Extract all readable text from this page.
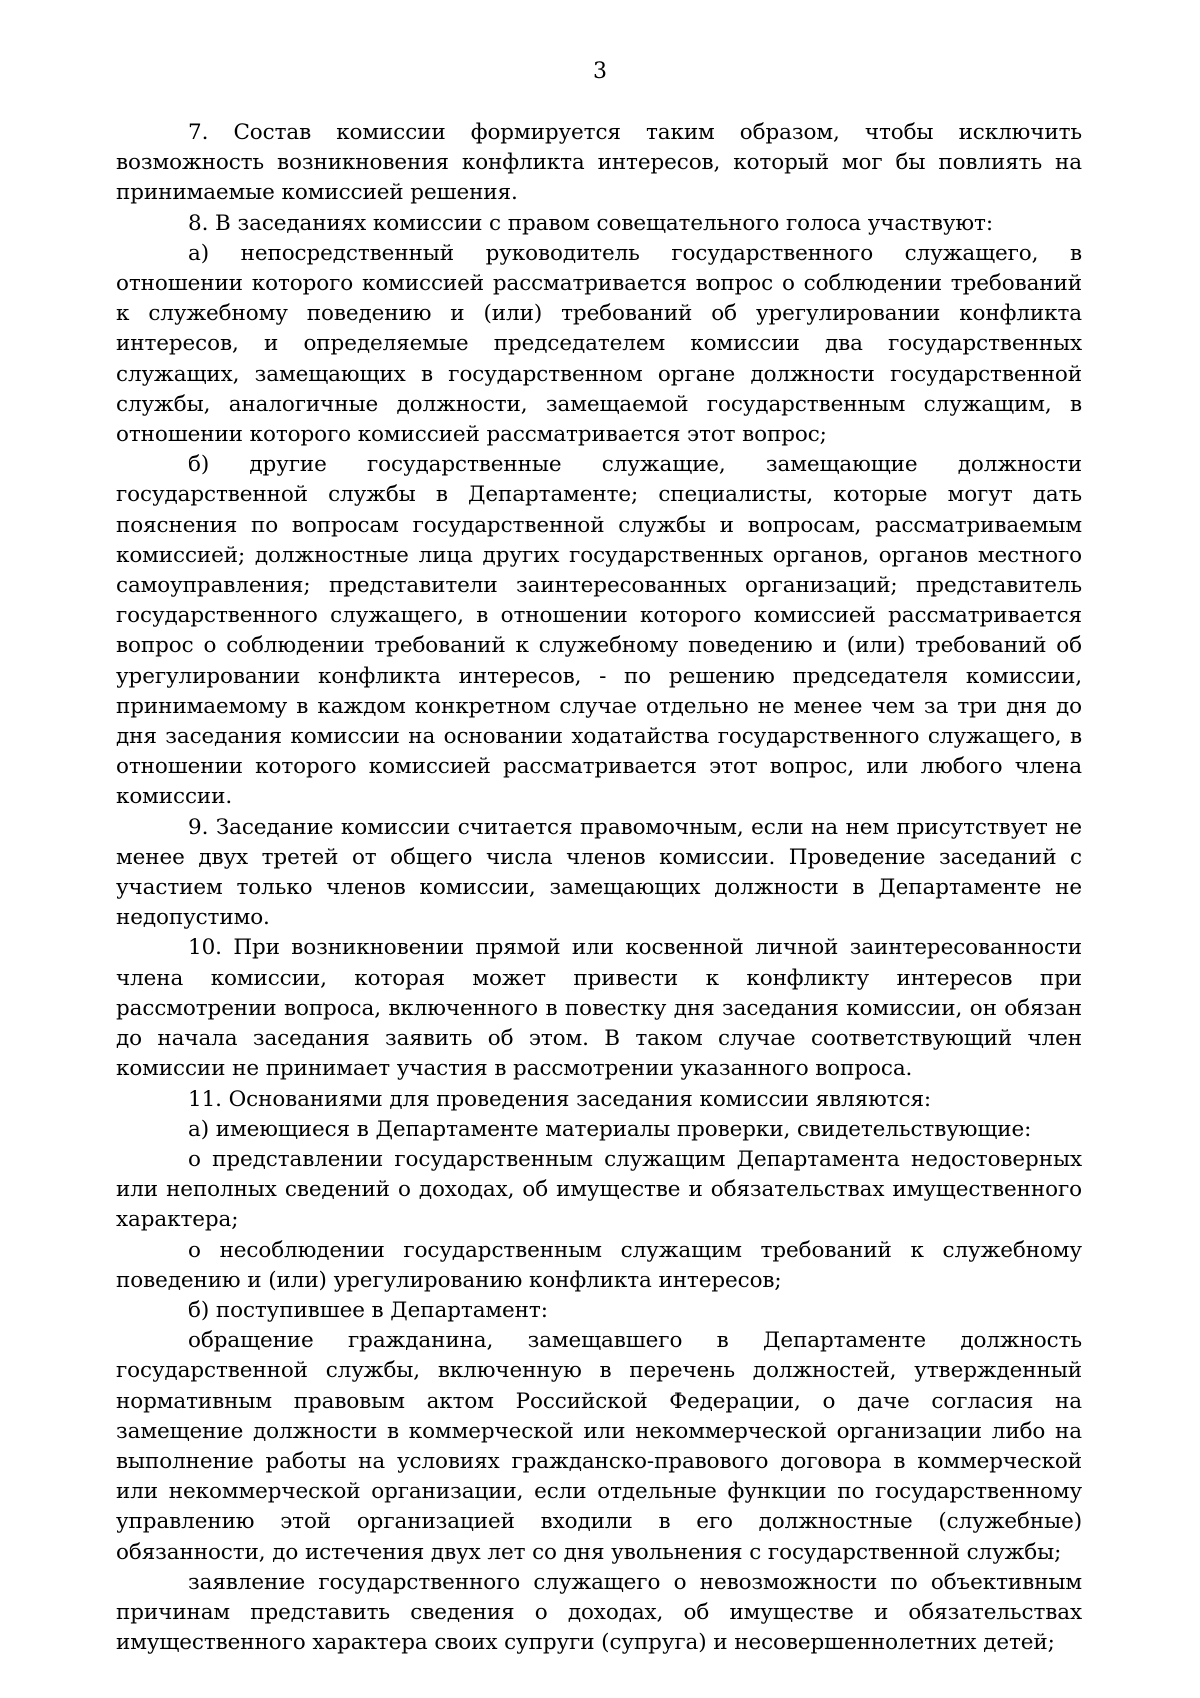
3

7. Состав комиссии формируется таким образом, чтобы исключить возможность возникновения конфликта интересов, который мог бы повлиять на принимаемые комиссией решения.

8. В заседаниях комиссии с правом совещательного голоса участвуют:

а) непосредственный руководитель государственного служащего, в отношении которого комиссией рассматривается вопрос о соблюдении требований к служебному поведению и (или) требований об урегулировании конфликта интересов, и определяемые председателем комиссии два государственных служащих, замещающих в государственном органе должности государственной службы, аналогичные должности, замещаемой государственным служащим, в отношении которого комиссией рассматривается этот вопрос;

б) другие государственные служащие, замещающие должности государственной службы в Департаменте; специалисты, которые могут дать пояснения по вопросам государственной службы и вопросам, рассматриваемым комиссией; должностные лица других государственных органов, органов местного самоуправления; представители заинтересованных организаций; представитель государственного служащего, в отношении которого комиссией рассматривается вопрос о соблюдении требований к служебному поведению и (или) требований об урегулировании конфликта интересов, - по решению председателя комиссии, принимаемому в каждом конкретном случае отдельно не менее чем за три дня до дня заседания комиссии на основании ходатайства государственного служащего, в отношении которого комиссией рассматривается этот вопрос, или любого члена комиссии.

9. Заседание комиссии считается правомочным, если на нем присутствует не менее двух третей от общего числа членов комиссии. Проведение заседаний с участием только членов комиссии, замещающих должности в Департаменте не недопустимо.

10. При возникновении прямой или косвенной личной заинтересованности члена комиссии, которая может привести к конфликту интересов при рассмотрении вопроса, включенного в повестку дня заседания комиссии, он обязан до начала заседания заявить об этом. В таком случае соответствующий член комиссии не принимает участия в рассмотрении указанного вопроса.

11. Основаниями для проведения заседания комиссии являются:

а) имеющиеся в Департаменте материалы проверки, свидетельствующие:

о представлении государственным служащим Департамента недостоверных или неполных сведений о доходах, об имуществе и обязательствах имущественного характера;

о несоблюдении государственным служащим требований к служебному поведению и (или) урегулированию конфликта интересов;

б) поступившее в Департамент:

обращение гражданина, замещавшего в Департаменте должность государственной службы, включенную в перечень должностей, утвержденный нормативным правовым актом Российской Федерации, о даче согласия на замещение должности в коммерческой или некоммерческой организации либо на выполнение работы на условиях гражданско-правового договора в коммерческой или некоммерческой организации, если отдельные функции по государственному управлению этой организацией входили в его должностные (служебные) обязанности, до истечения двух лет со дня увольнения с государственной службы;

заявление государственного служащего о невозможности по объективным причинам представить сведения о доходах, об имуществе и обязательствах имущественного характера своих супруги (супруга) и несовершеннолетних детей;
